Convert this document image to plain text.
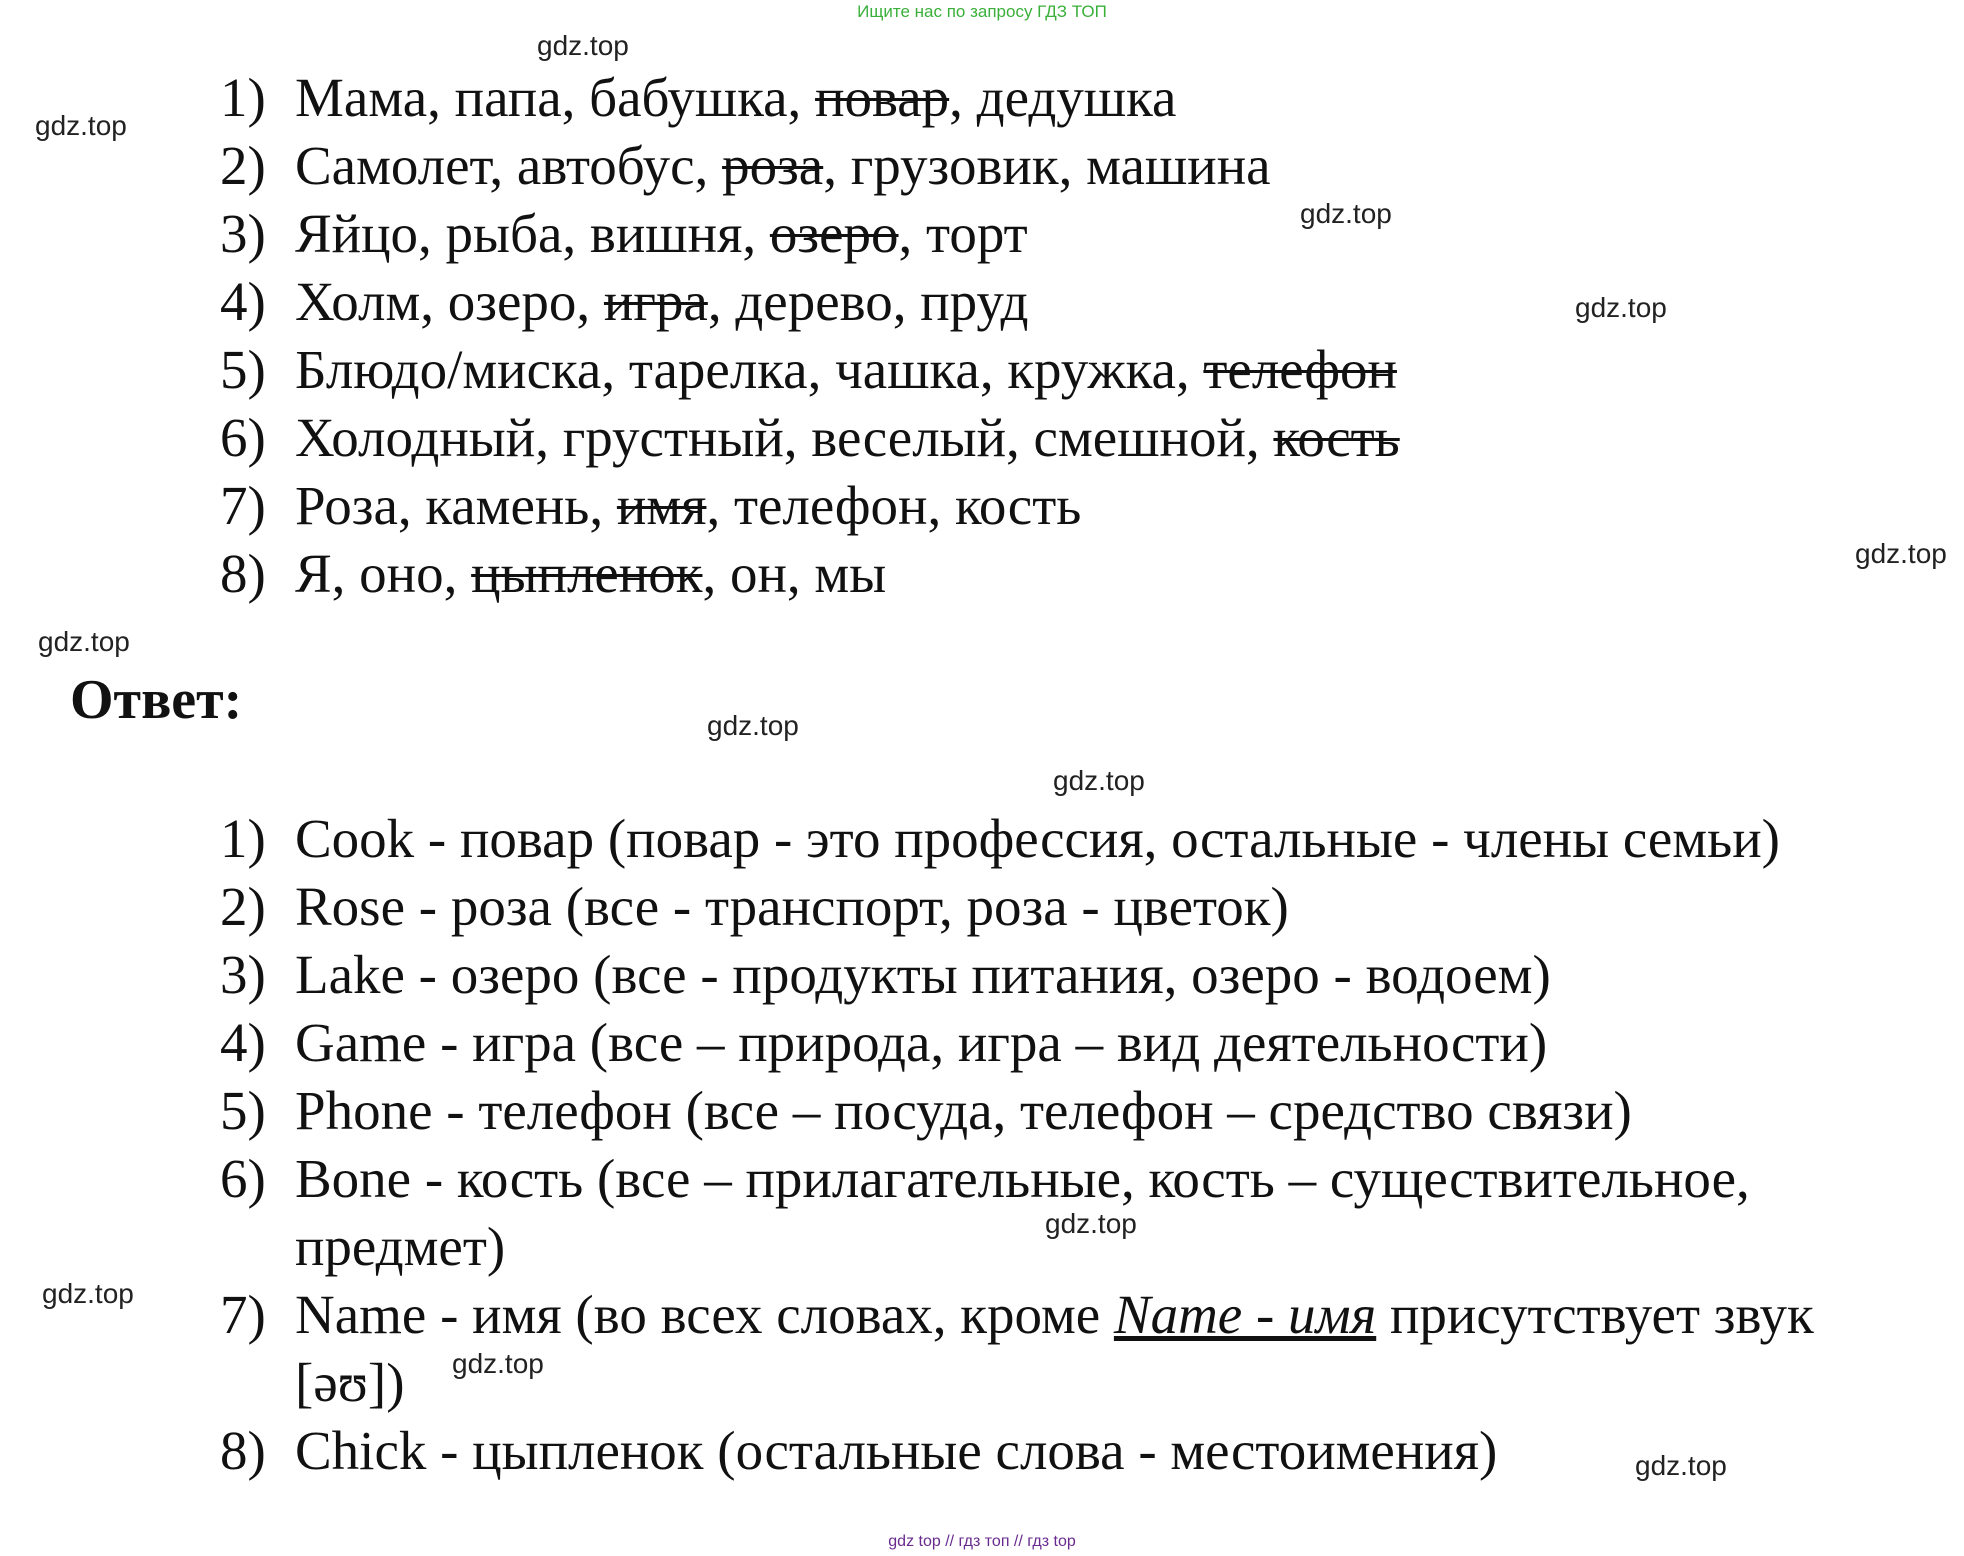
Ищите нас по запросу ГДЗ ТОП
gdz.top
gdz.top
gdz.top
gdz.top
gdz.top
gdz.top
gdz.top
gdz.top
gdz.top
gdz.top
gdz.top
gdz.top
1) Мама, папа, бабушка, повар, дедушка
2) Самолет, автобус, роза, грузовик, машина
3) Яйцо, рыба, вишня, озеро, торт
4) Холм, озеро, игра, дерево, пруд
5) Блюдо/миска, тарелка, чашка, кружка, телефон
6) Холодный, грустный, веселый, смешной, кость
7) Роза, камень, имя, телефон, кость
8) Я, оно, цыпленок, он, мы
Ответ:
1) Cook - повар (повар - это профессия, остальные - члены семьи)
2) Rose - роза (все - транспорт, роза - цветок)
3) Lake - озеро (все - продукты питания, озеро - водоем)
4) Game - игра (все – природа, игра – вид деятельности)
5) Phone - телефон (все – посуда, телефон – средство связи)
6) Bone - кость (все – прилагательные, кость – существительное, предмет)
7) Name - имя (во всех словах, кроме Name - имя присутствует звук [əʊ])
8) Chick - цыпленок (остальные слова - местоимения)
gdz top // гдз топ // гдз top
